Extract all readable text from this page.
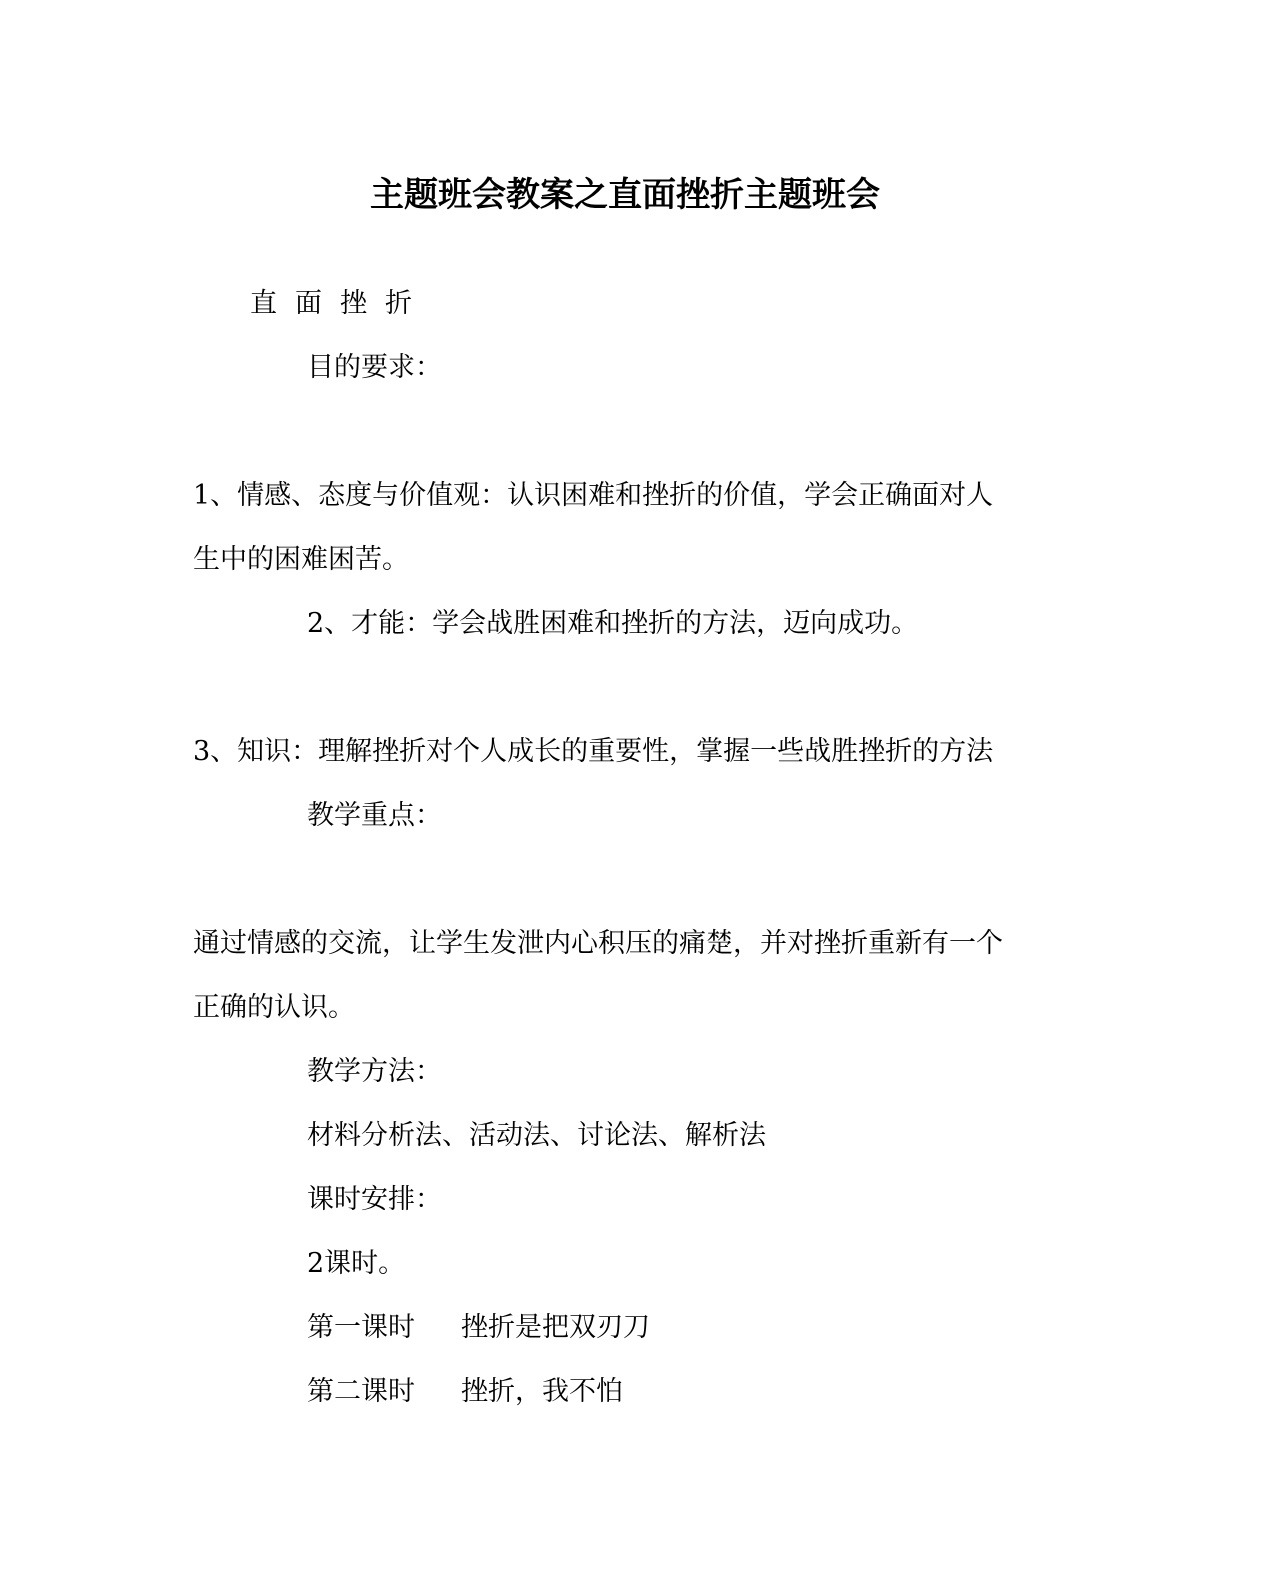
主题班会教案之直面挫折主题班会
直面挫折
目的要求：
1、情感、态度与价值观：认识困难和挫折的价值，学会正确面对人
生中的困难困苦。
2、才能：学会战胜困难和挫折的方法，迈向成功。
3、知识：理解挫折对个人成长的重要性，掌握一些战胜挫折的方法
教学重点：
通过情感的交流，让学生发泄内心积压的痛楚，并对挫折重新有一个
正确的认识。
教学方法：
材料分析法、活动法、讨论法、解析法
课时安排：
2课时。
第一课时 挫折是把双刃刀
第二课时 挫折，我不怕
